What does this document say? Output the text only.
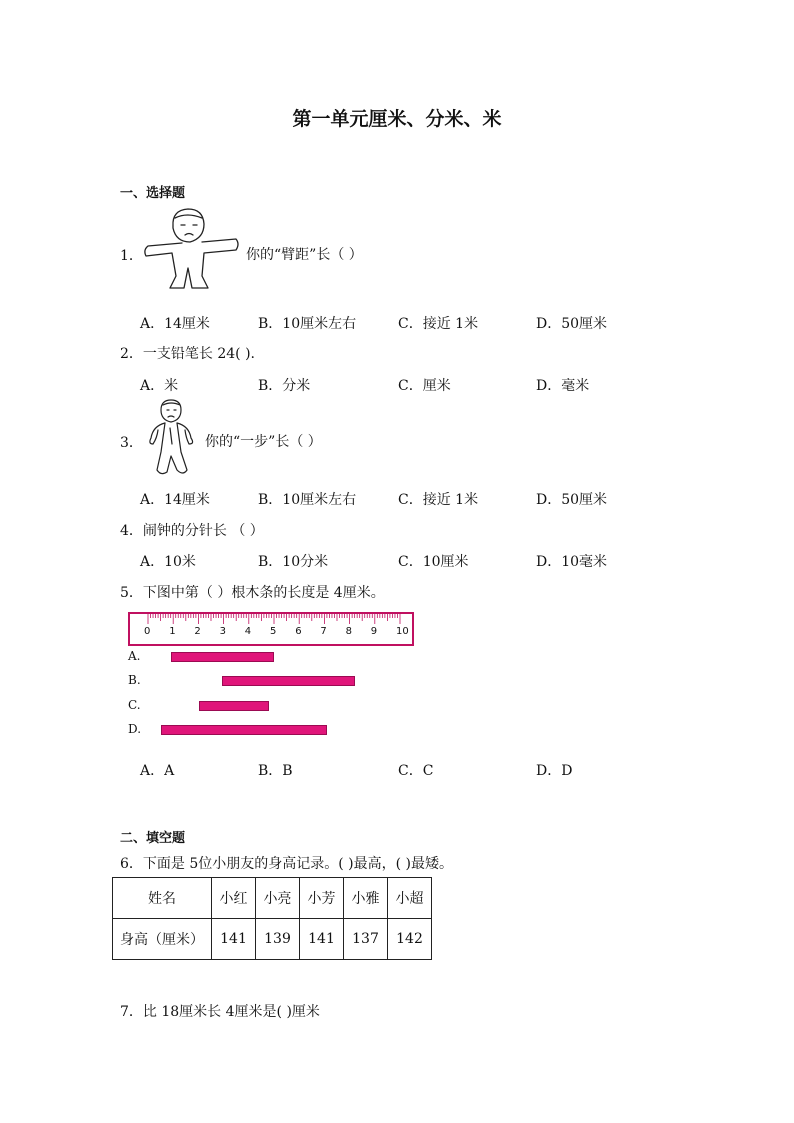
第一单元厘米、分米、米
一、选择题
1．	你的“臂距”长（ ）
A．14厘米	B．10厘米左右	C．接近 1米	D．50厘米
2．一支铅笔长 24( ).
A．米	B．分米	C．厘米	D．毫米
3．	你的“一步”长（ ）
A．14厘米	B．10厘米左右	C．接近 1米	D．50厘米
4．闹钟的分针长 （ ）
A．10米	B．10分米	C．10厘米	D．10毫米
5．下图中第（ ）根木条的长度是 4厘米。
0 1 2 3 4 5 6 7 8 9 10
A.
B.
C.
D.
A．A	B．B	C．C	D．D
二、填空题
6．下面是 5位小朋友的身高记录。( )最高，( )最矮。
姓名	小红	小亮	小芳	小雅	小超
身高（厘米）	141	139	141	137	142
7．比 18厘米长 4厘米是( )厘米
